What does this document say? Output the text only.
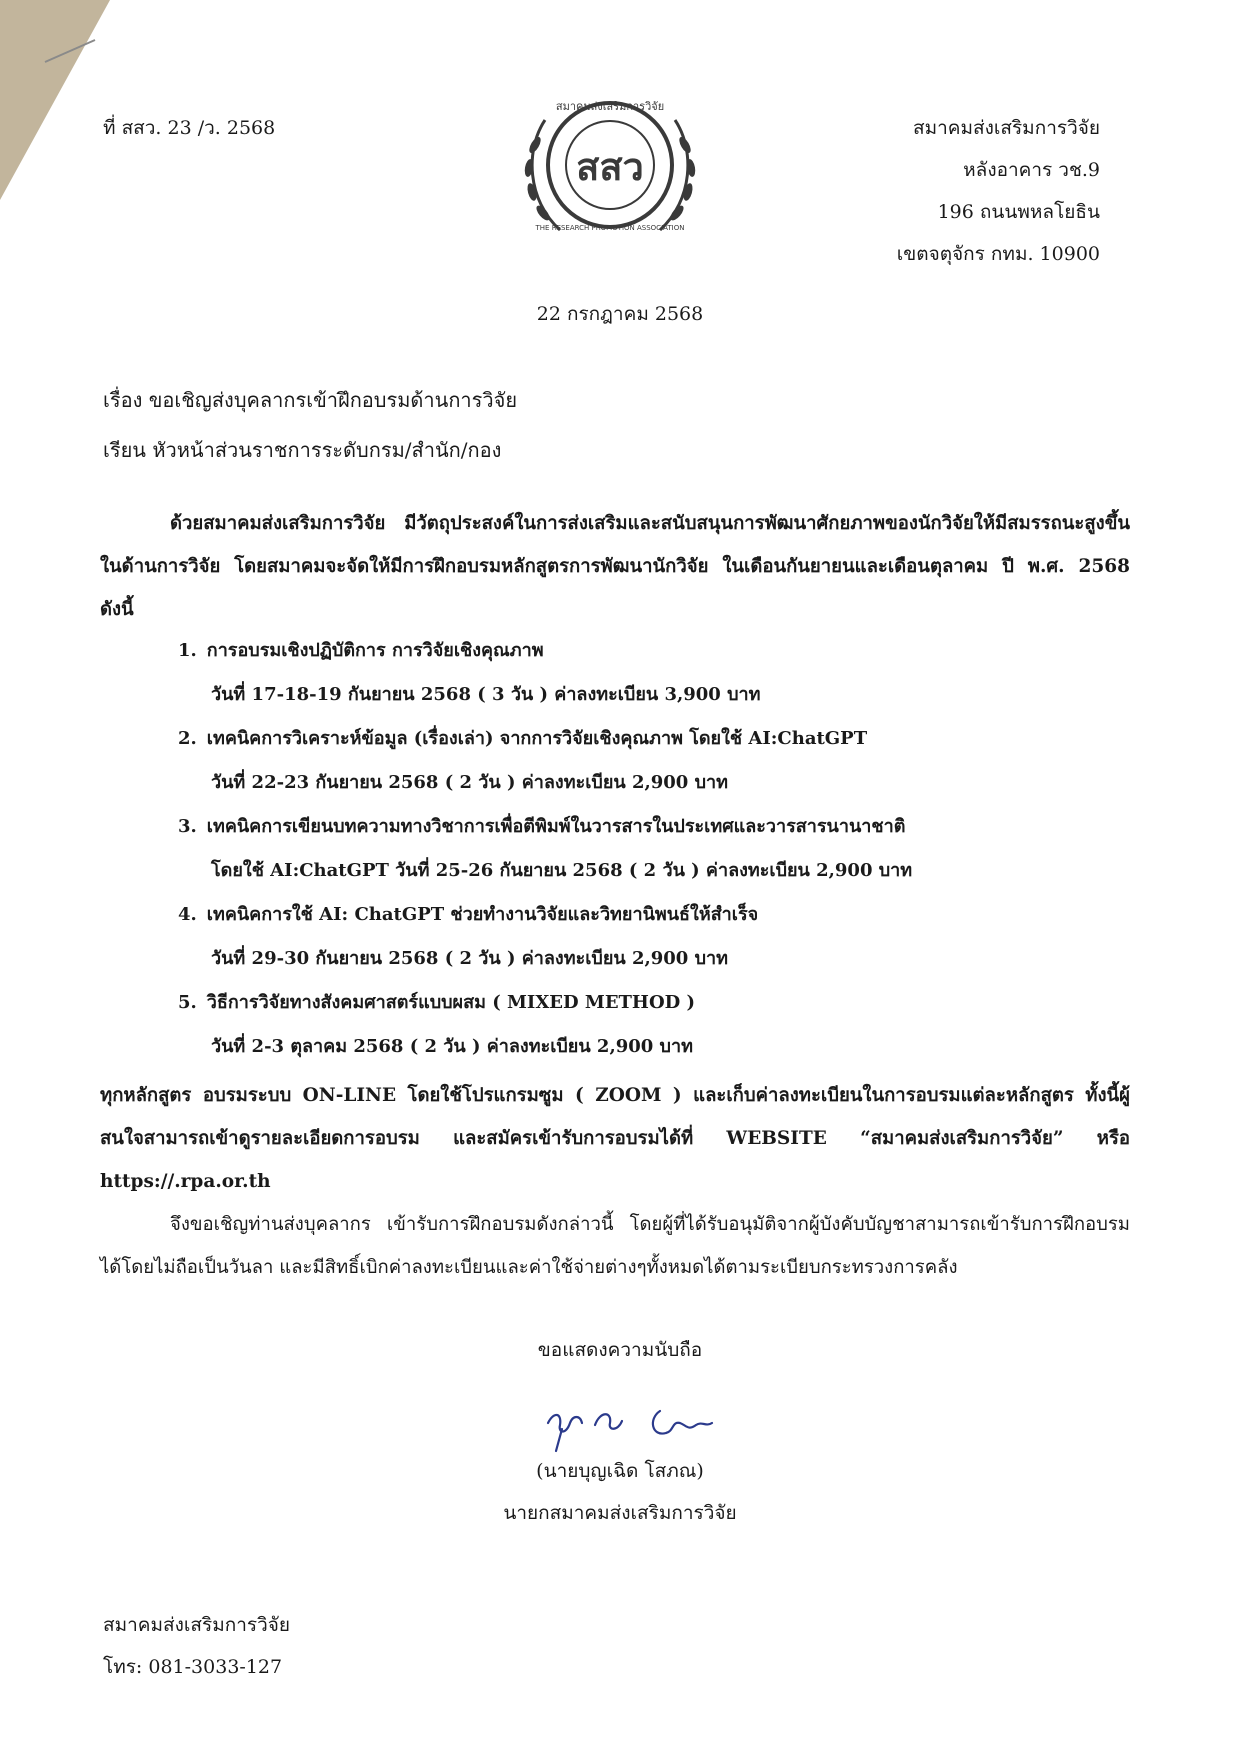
ที่ สสว. 23 /ว. 2568
สมาคมส่งเสริมการวิจัย
THE RESEARCH PROMOTION ASSOCIATION
สสว
สมาคมส่งเสริมการวิจัย
หลังอาคาร วช.9
196 ถนนพหลโยธิน
เขตจตุจักร กทม. 10900
22 กรกฎาคม 2568
เรื่อง ขอเชิญส่งบุคลากรเข้าฝึกอบรมด้านการวิจัย
เรียน หัวหน้าส่วนราชการระดับกรม/สำนัก/กอง
ด้วยสมาคมส่งเสริมการวิจัย มีวัตถุประสงค์ในการส่งเสริมและสนับสนุนการพัฒนาศักยภาพของนักวิจัยให้มีสมรรถนะสูงขึ้นในด้านการวิจัย โดยสมาคมจะจัดให้มีการฝึกอบรมหลักสูตรการพัฒนานักวิจัย ในเดือนกันยายนและเดือนตุลาคม ปี พ.ศ. 2568 ดังนี้
1. การอบรมเชิงปฏิบัติการ การวิจัยเชิงคุณภาพ
วันที่ 17-18-19 กันยายน 2568 ( 3 วัน ) ค่าลงทะเบียน 3,900 บาท
2. เทคนิคการวิเคราะห์ข้อมูล (เรื่องเล่า) จากการวิจัยเชิงคุณภาพ โดยใช้ AI:ChatGPT
วันที่ 22-23 กันยายน 2568 ( 2 วัน ) ค่าลงทะเบียน 2,900 บาท
3. เทคนิคการเขียนบทความทางวิชาการเพื่อตีพิมพ์ในวารสารในประเทศและวารสารนานาชาติ
โดยใช้ AI:ChatGPT วันที่ 25-26 กันยายน 2568 ( 2 วัน ) ค่าลงทะเบียน 2,900 บาท
4. เทคนิคการใช้ AI: ChatGPT ช่วยทำงานวิจัยและวิทยานิพนธ์ให้สำเร็จ
วันที่ 29-30 กันยายน 2568 ( 2 วัน ) ค่าลงทะเบียน 2,900 บาท
5. วิธีการวิจัยทางสังคมศาสตร์แบบผสม ( MIXED METHOD )
วันที่ 2-3 ตุลาคม 2568 ( 2 วัน ) ค่าลงทะเบียน 2,900 บาท
ทุกหลักสูตร อบรมระบบ ON-LINE โดยใช้โปรแกรมซูม ( ZOOM ) และเก็บค่าลงทะเบียนในการอบรมแต่ละหลักสูตร ทั้งนี้ผู้สนใจสามารถเข้าดูรายละเอียดการอบรม และสมัครเข้ารับการอบรมได้ที่ WEBSITE “สมาคมส่งเสริมการวิจัย” หรือ https://.rpa.or.th
จึงขอเชิญท่านส่งบุคลากร เข้ารับการฝึกอบรมดังกล่าวนี้ โดยผู้ที่ได้รับอนุมัติจากผู้บังคับบัญชาสามารถเข้ารับการฝึกอบรมได้โดยไม่ถือเป็นวันลา และมีสิทธิ์เบิกค่าลงทะเบียนและค่าใช้จ่ายต่างๆทั้งหมดได้ตามระเบียบกระทรวงการคลัง
ขอแสดงความนับถือ
(นายบุญเฉิด โสภณ)
นายกสมาคมส่งเสริมการวิจัย
สมาคมส่งเสริมการวิจัย
โทร: 081-3033-127
